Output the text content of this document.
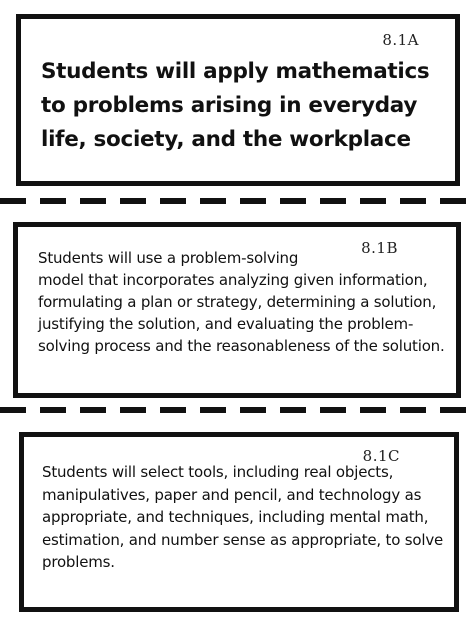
8.1A

Students will apply mathematics to problems arising in everyday life, society, and the workplace

8.1B

Students will use a problem-solving
model that incorporates analyzing given information, formulating a plan or strategy, determining a solution, justifying the solution, and evaluating the problem-solving process and the reasonableness of the solution.

8.1C

Students will select tools, including real objects, manipulatives, paper and pencil, and technology as appropriate, and techniques, including mental math, estimation, and number sense as appropriate, to solve problems.
